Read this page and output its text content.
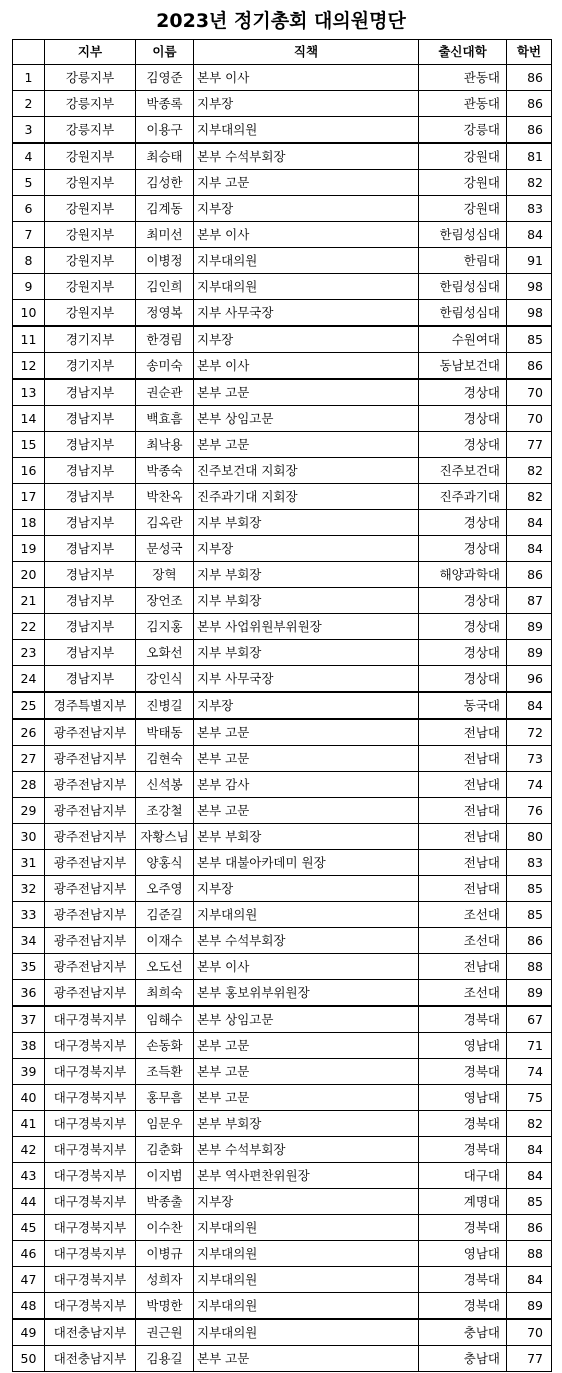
2023년 정기총회 대의원명단
	지부	이름	직책	출신대학	학번
1	강릉지부	김영준	본부 이사	관동대	86
2	강릉지부	박종록	지부장	관동대	86
3	강릉지부	이용구	지부대의원	강릉대	86
4	강원지부	최승태	본부 수석부회장	강원대	81
5	강원지부	김성한	지부 고문	강원대	82
6	강원지부	김계동	지부장	강원대	83
7	강원지부	최미선	본부 이사	한림성심대	84
8	강원지부	이병정	지부대의원	한림대	91
9	강원지부	김인희	지부대의원	한림성심대	98
10	강원지부	정영복	지부 사무국장	한림성심대	98
11	경기지부	한경림	지부장	수원여대	85
12	경기지부	송미숙	본부 이사	동남보건대	86
13	경남지부	권순관	본부 고문	경상대	70
14	경남지부	백효흠	본부 상임고문	경상대	70
15	경남지부	최낙용	본부 고문	경상대	77
16	경남지부	박종숙	진주보건대 지회장	진주보건대	82
17	경남지부	박찬옥	진주과기대 지회장	진주과기대	82
18	경남지부	김옥란	지부 부회장	경상대	84
19	경남지부	문성국	지부장	경상대	84
20	경남지부	장혁	지부 부회장	해양과학대	86
21	경남지부	장언조	지부 부회장	경상대	87
22	경남지부	김지홍	본부 사업위원부위원장	경상대	89
23	경남지부	오화선	지부 부회장	경상대	89
24	경남지부	강인식	지부 사무국장	경상대	96
25	경주특별지부	진병길	지부장	동국대	84
26	광주전남지부	박태동	본부 고문	전남대	72
27	광주전남지부	김현숙	본부 고문	전남대	73
28	광주전남지부	신석봉	본부 감사	전남대	74
29	광주전남지부	조강철	본부 고문	전남대	76
30	광주전남지부	자황스님	본부 부회장	전남대	80
31	광주전남지부	양홍식	본부 대불아카데미 원장	전남대	83
32	광주전남지부	오주영	지부장	전남대	85
33	광주전남지부	김준길	지부대의원	조선대	85
34	광주전남지부	이재수	본부 수석부회장	조선대	86
35	광주전남지부	오도선	본부 이사	전남대	88
36	광주전남지부	최희숙	본부 홍보위부위원장	조선대	89
37	대구경북지부	임해수	본부 상임고문	경북대	67
38	대구경북지부	손동화	본부 고문	영남대	71
39	대구경북지부	조득환	본부 고문	경북대	74
40	대구경북지부	홍무흠	본부 고문	영남대	75
41	대구경북지부	임문우	본부 부회장	경북대	82
42	대구경북지부	김춘화	본부 수석부회장	경북대	84
43	대구경북지부	이지범	본부 역사편찬위원장	대구대	84
44	대구경북지부	박종출	지부장	계명대	85
45	대구경북지부	이수찬	지부대의원	경북대	86
46	대구경북지부	이병규	지부대의원	영남대	88
47	대구경북지부	성희자	지부대의원	경북대	84
48	대구경북지부	박명한	지부대의원	경북대	89
49	대전충남지부	권근원	지부대의원	충남대	70
50	대전충남지부	김용길	본부 고문	충남대	77
